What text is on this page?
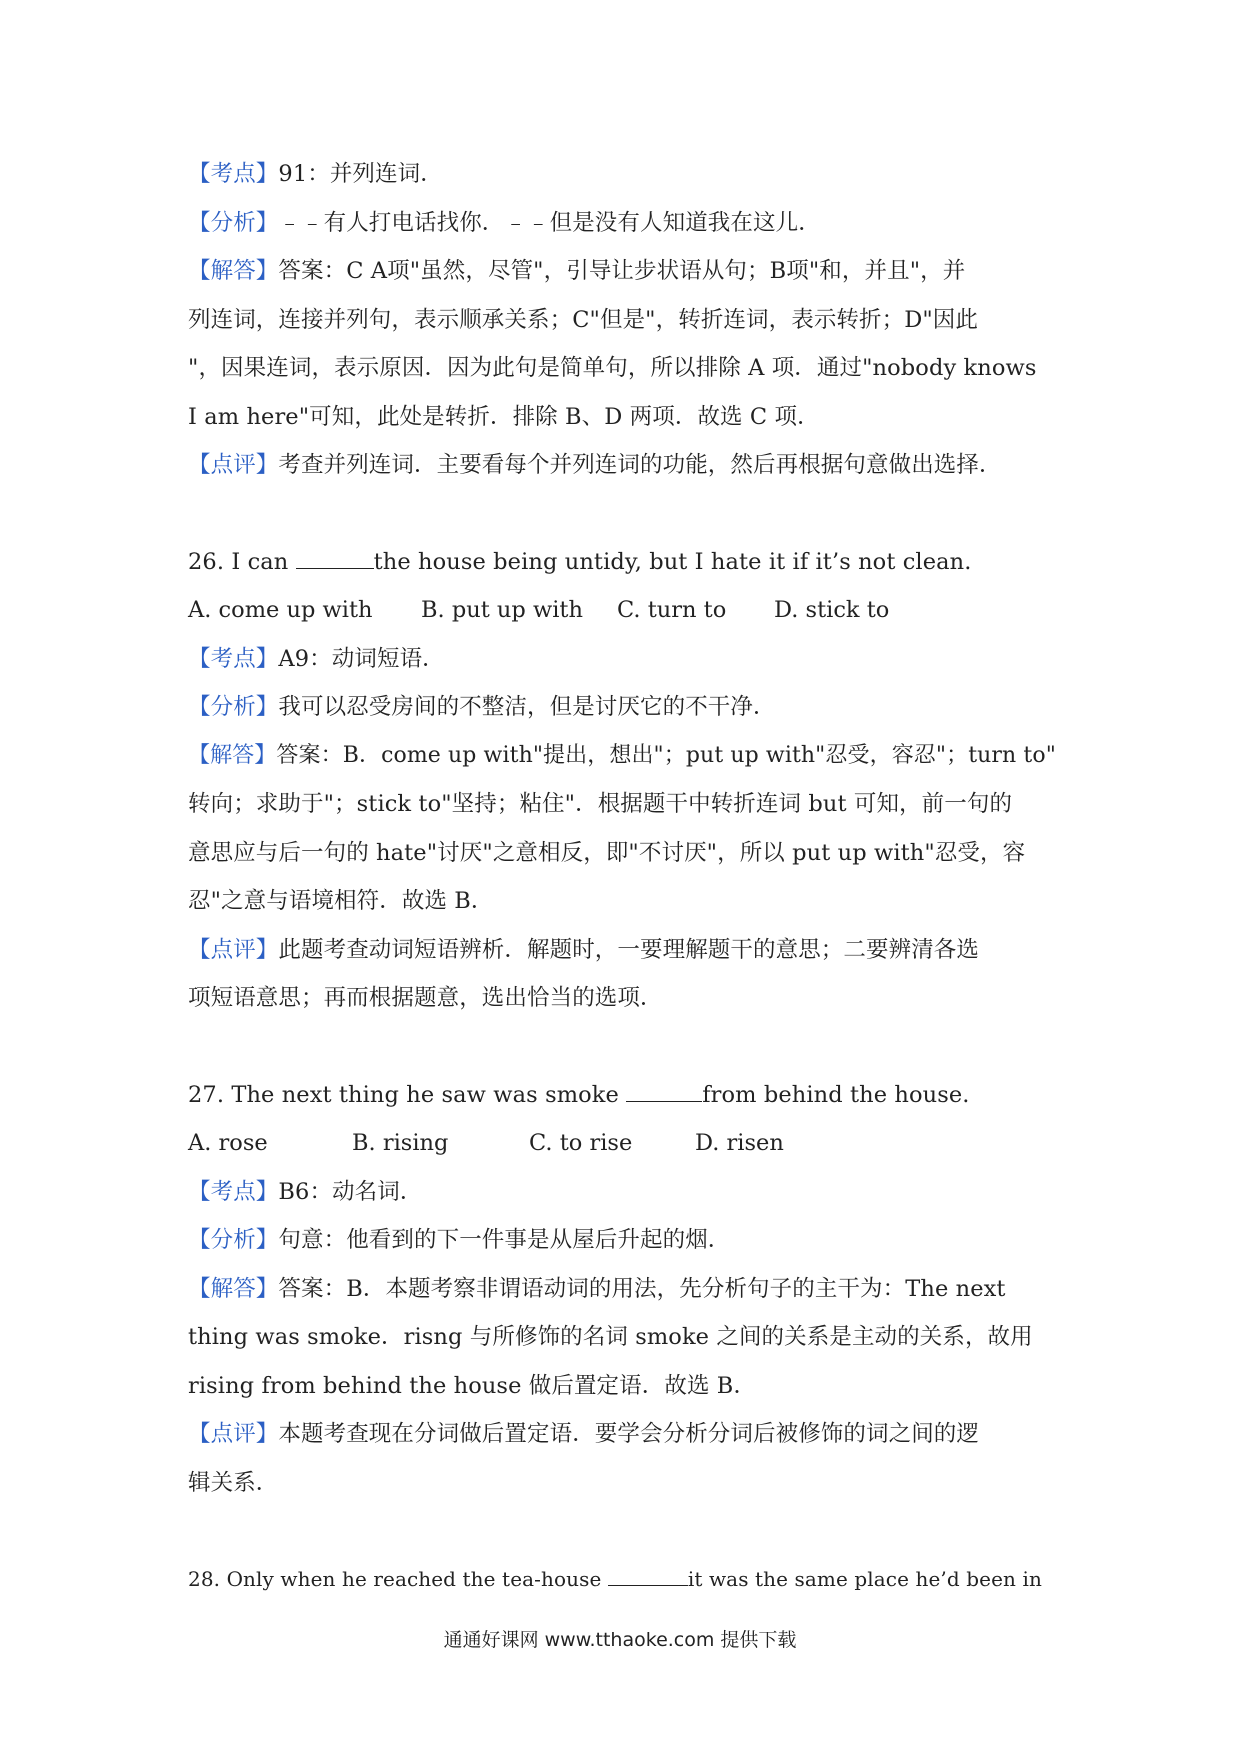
【考点】91：并列连词．

【分析】﹣﹣有人打电话找你．﹣﹣但是没有人知道我在这儿．

【解答】答案：C A项"虽然，尽管"，引导让步状语从句；B项"和，并且"，并

列连词，连接并列句，表示顺承关系；C"但是"，转折连词，表示转折；D"因此

"，因果连词，表示原因．因为此句是简单句，所以排除 A 项．通过"nobody knows

I am here"可知，此处是转折．排除 B、D 两项．故选 C 项．

【点评】考查并列连词．主要看每个并列连词的功能，然后再根据句意做出选择．

26. I can	the house being untidy, but I hate it if it’s not clean.

A. come up with B. put up with C. turn to D. stick to

【考点】A9：动词短语．

【分析】我可以忍受房间的不整洁，但是讨厌它的不干净．

【解答】答案：B．come up with"提出，想出"；put up with"忍受，容忍"；turn to"

转向；求助于"；stick to"坚持；粘住"．根据题干中转折连词 but 可知，前一句的

意思应与后一句的 hate"讨厌"之意相反，即"不讨厌"，所以 put up with"忍受，容

忍"之意与语境相符．故选 B．

【点评】此题考查动词短语辨析．解题时，一要理解题干的意思；二要辨清各选

项短语意思；再而根据题意，选出恰当的选项．

27. The next thing he saw was smoke	from behind the house.

A. rose	B. rising	C. to rise	D. risen

【考点】B6：动名词．

【分析】句意：他看到的下一件事是从屋后升起的烟．

【解答】答案：B．本题考察非谓语动词的用法，先分析句子的主干为：The next

thing was smoke．risng 与所修饰的名词 smoke 之间的关系是主动的关系，故用

rising from behind the house 做后置定语．故选 B．

【点评】本题考查现在分词做后置定语．要学会分析分词后被修饰的词之间的逻

辑关系．

28. Only when he reached the tea-house	it was the same place he’d been in

通通好课网 www.tthaoke.com 提供下载
